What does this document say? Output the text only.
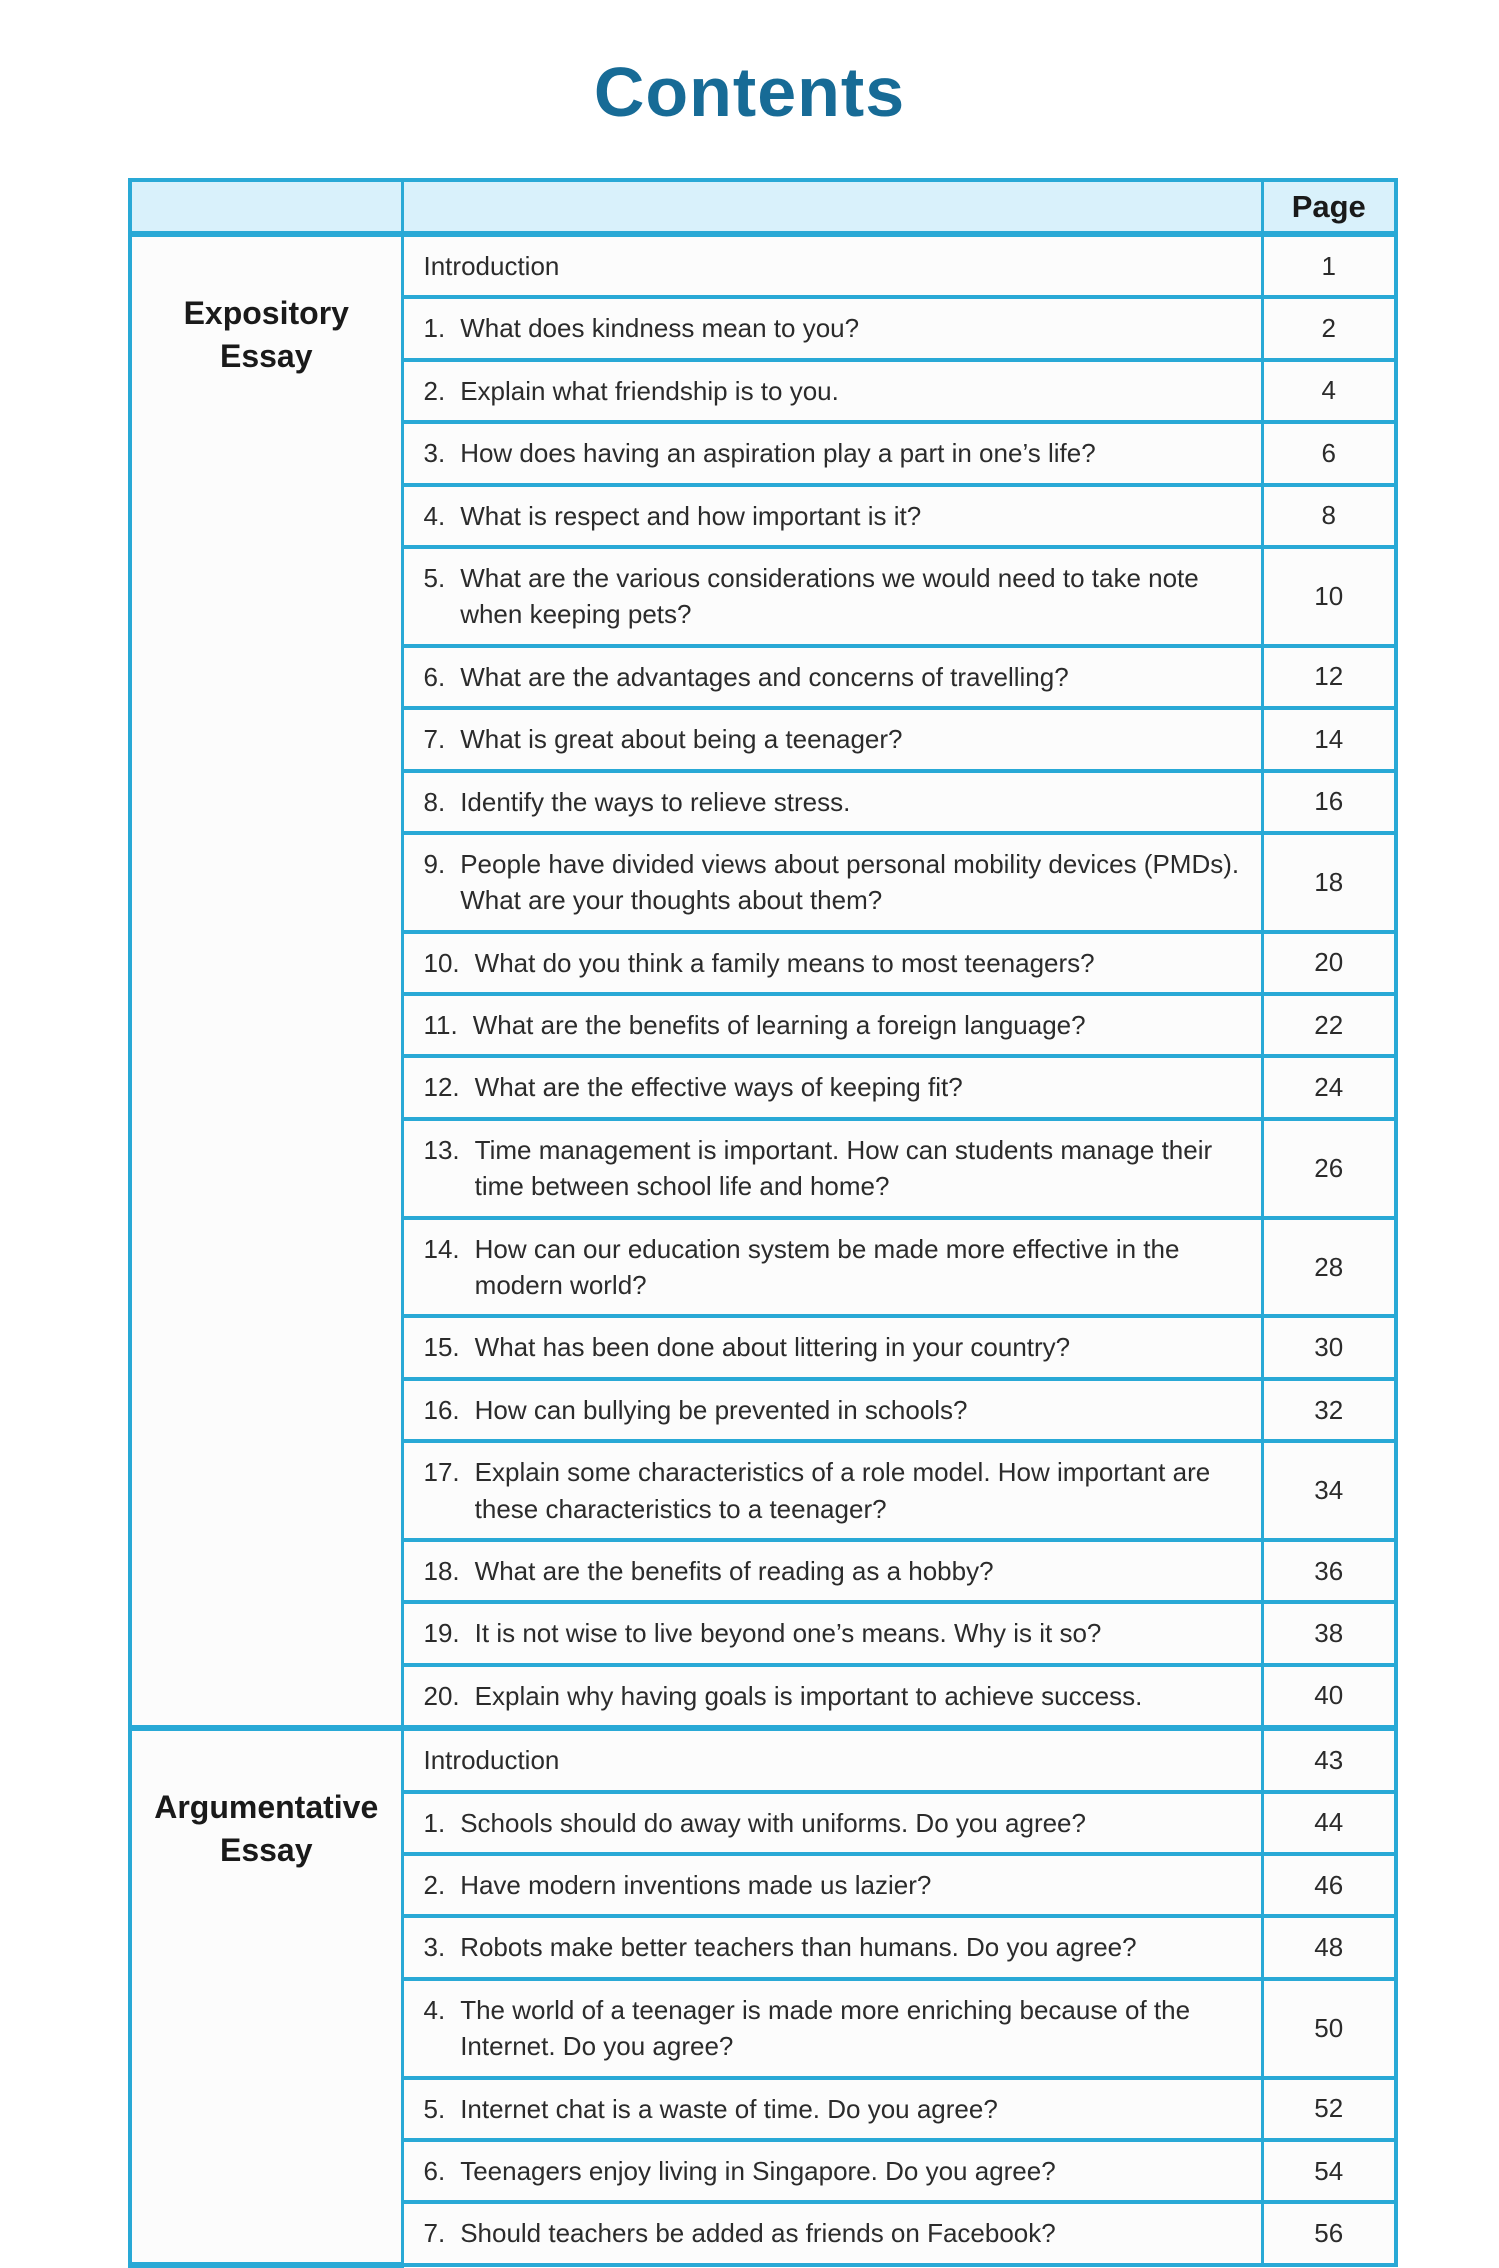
Contents
		Page

Expository Essay	Introduction	1

	1. What does kindness mean to you?	2

	2. Explain what friendship is to you.	4

	3. How does having an aspiration play a part in one’s life?	6

	4. What is respect and how important is it?	8

	5. What are the various considerations we would need to take note when keeping pets?	10

	6. What are the advantages and concerns of travelling?	12

	7. What is great about being a teenager?	14

	8. Identify the ways to relieve stress.	16

	9. People have divided views about personal mobility devices (PMDs). What are your thoughts about them?	18

	10. What do you think a family means to most teenagers?	20

	11. What are the benefits of learning a foreign language?	22

	12. What are the effective ways of keeping fit?	24

	13. Time management is important. How can students manage their time between school life and home?	26

	14. How can our education system be made more effective in the modern world?	28

	15. What has been done about littering in your country?	30

	16. How can bullying be prevented in schools?	32

	17. Explain some characteristics of a role model. How important are these characteristics to a teenager?	34

	18. What are the benefits of reading as a hobby?	36

	19. It is not wise to live beyond one’s means. Why is it so?	38

	20. Explain why having goals is important to achieve success.	40

Argumentative Essay	Introduction	43

	1. Schools should do away with uniforms. Do you agree?	44

	2. Have modern inventions made us lazier?	46

	3. Robots make better teachers than humans. Do you agree?	48

	4. The world of a teenager is made more enriching because of the Internet. Do you agree?	50

	5. Internet chat is a waste of time. Do you agree?	52

	6. Teenagers enjoy living in Singapore. Do you agree?	54

	7. Should teachers be added as friends on Facebook?	56
